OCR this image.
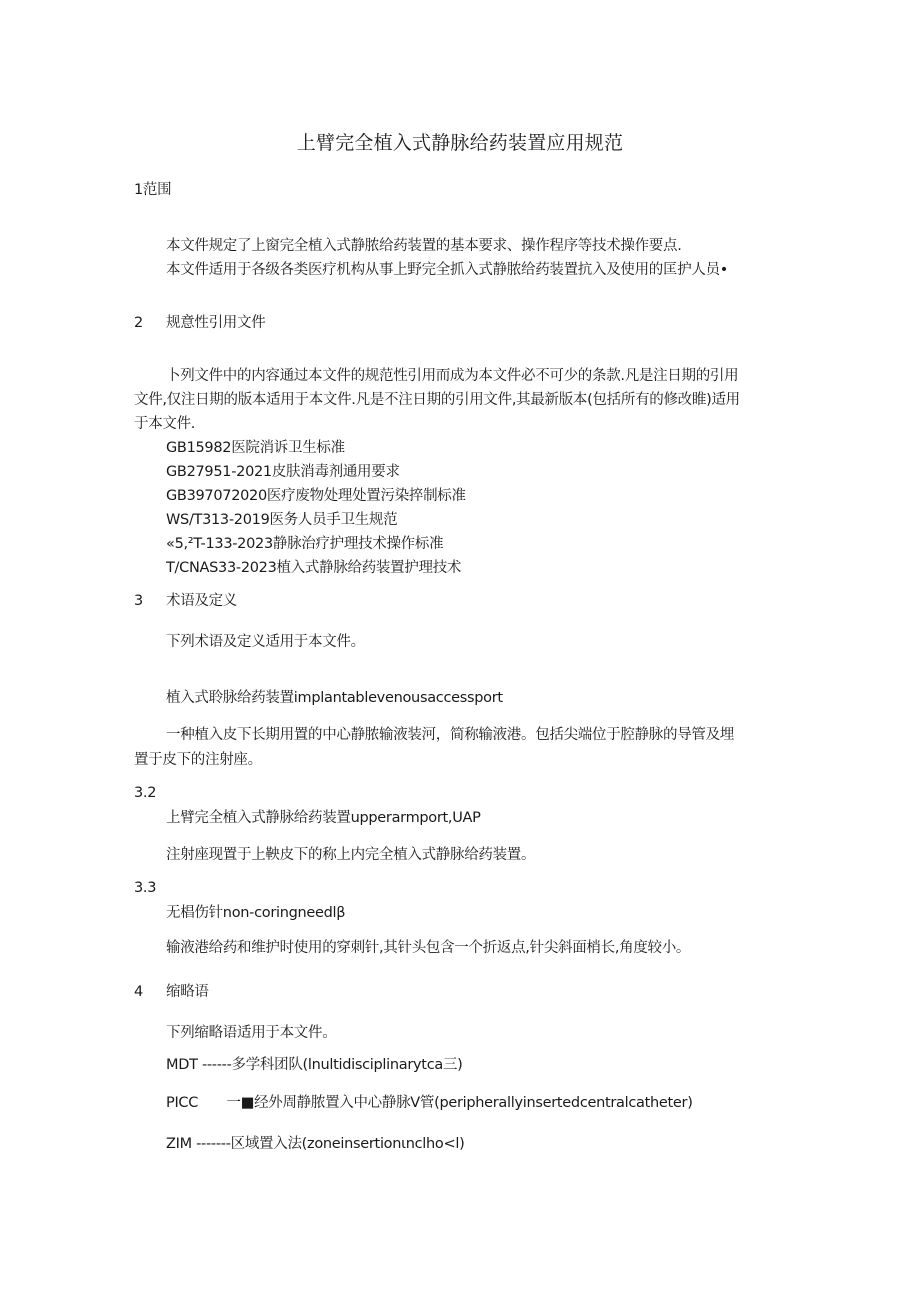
上臂完全植入式静脉给药装置应用规范
1范围
本文件规定了上窗完全植入式静脓给药装置的基本要求、操作程序等技术操作要点.
本文件适用于各级各类医疗机构从事上野完全抓入式静脓给药装置抗入及使用的匡护人员•
2 规意性引用文件
卜列文件中的内容通过本文件的规范性引用而成为本文件必不可少的条款.凡是注日期的引用
文件,仅注日期的版本适用于本文件.凡是不注日期的引用文件,其最新版本(包括所有的修改睢)适用
于本文件.
GB15982医院消诉卫生标准
GB27951-2021皮肤消毒剂通用要求
GB397072020医疗废物处理处置污染捽制标准
WS/T313-2019医务人员手卫生规范
«5,²T-133-2023静脉治疗护理技术操作标准
T/CNAS33-2023植入式静脉给药装置护理技术
3 术语及定义
下列术语及定义适用于本文件。
植入式聆脉给药装置implantablevenousaccessport
一种植入皮下长期用置的中心静脓输液装河，简称输液港。包括尖端位于腔静脉的导管及埋
置于皮下的注射座。
3.2
上臂完全植入式静脉给药装置upperarmport,UAP
注射座现置于上鞅皮下的称上内完全植入式静脉给药装置。
3.3
无椙伤针non-coringneedlβ
输液港给药和维护时使用的穿刺针,其针头包含一个折返点,针尖斜面梢长,角度较小。
4 缩略语
下列缩略语适用于本文件。
MDT ------多学科团队(lnultidisciplinarytca三)
PICC　　一■经外周静脓置入中心静脉V管(peripherallyinsertedcentralcatheter)
ZIM -------区域置入法(zoneinsertionιnclho<l)
